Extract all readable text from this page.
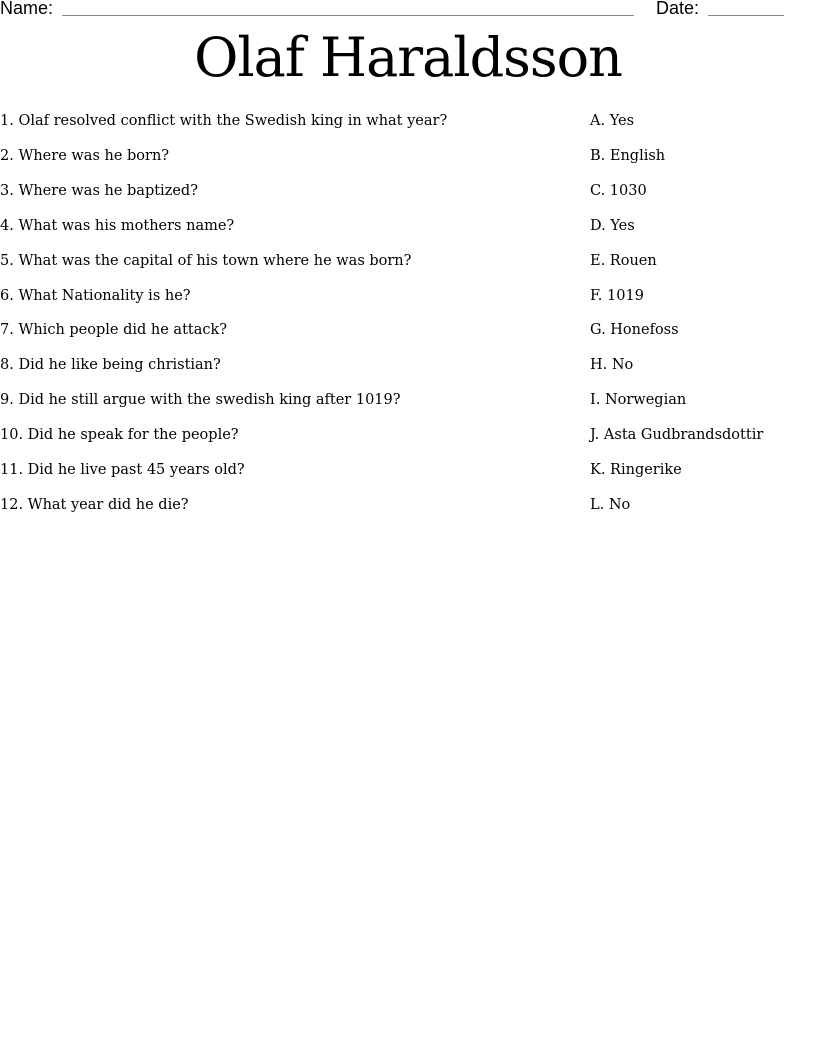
Name:	Date:
Olaf Haraldsson
1. Olaf resolved conflict with the Swedish king in what year?	A. Yes
2. Where was he born?	B. English
3. Where was he baptized?	C. 1030
4. What was his mothers name?	D. Yes
5. What was the capital of his town where he was born?	E. Rouen
6. What Nationality is he?	F. 1019
7. Which people did he attack?	G. Honefoss
8. Did he like being christian?	H. No
9. Did he still argue with the swedish king after 1019?	I. Norwegian
10. Did he speak for the people?	J. Asta Gudbrandsdottir
11. Did he live past 45 years old?	K. Ringerike
12. What year did he die?	L. No
